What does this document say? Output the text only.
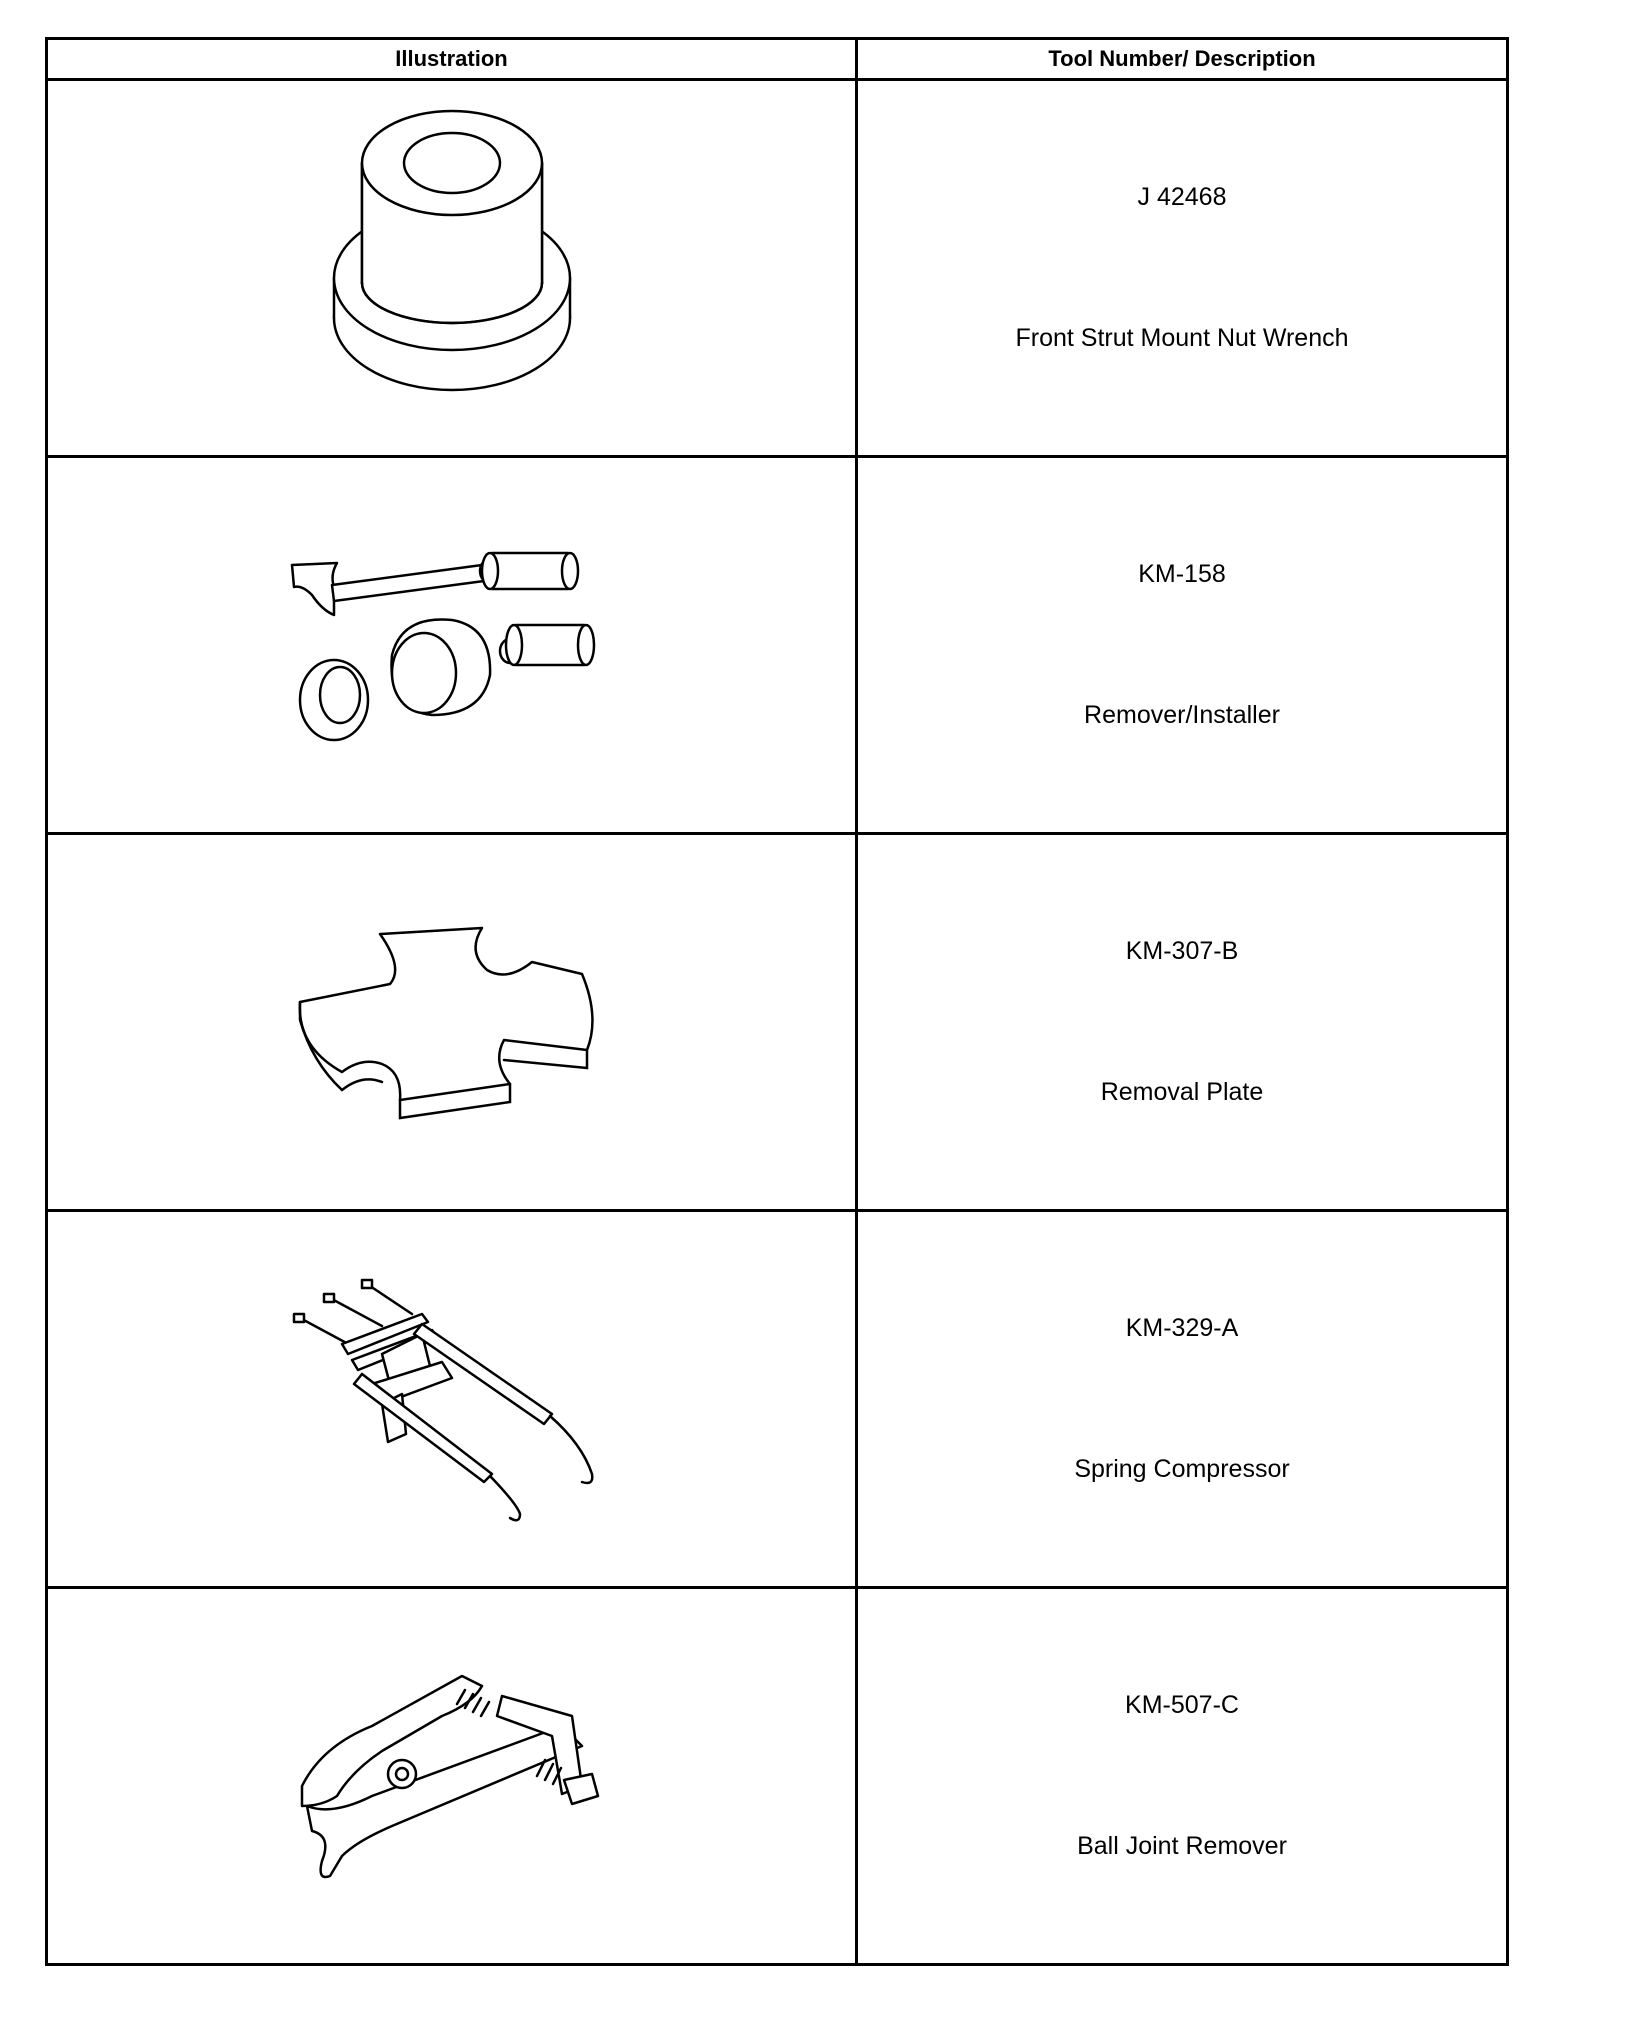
Illustration	Tool Number/ Description

J 42468
Front Strut Mount Nut Wrench

KM-158
Remover/Installer

KM-307-B
Removal Plate

KM-329-A
Spring Compressor

KM-507-C
Ball Joint Remover
